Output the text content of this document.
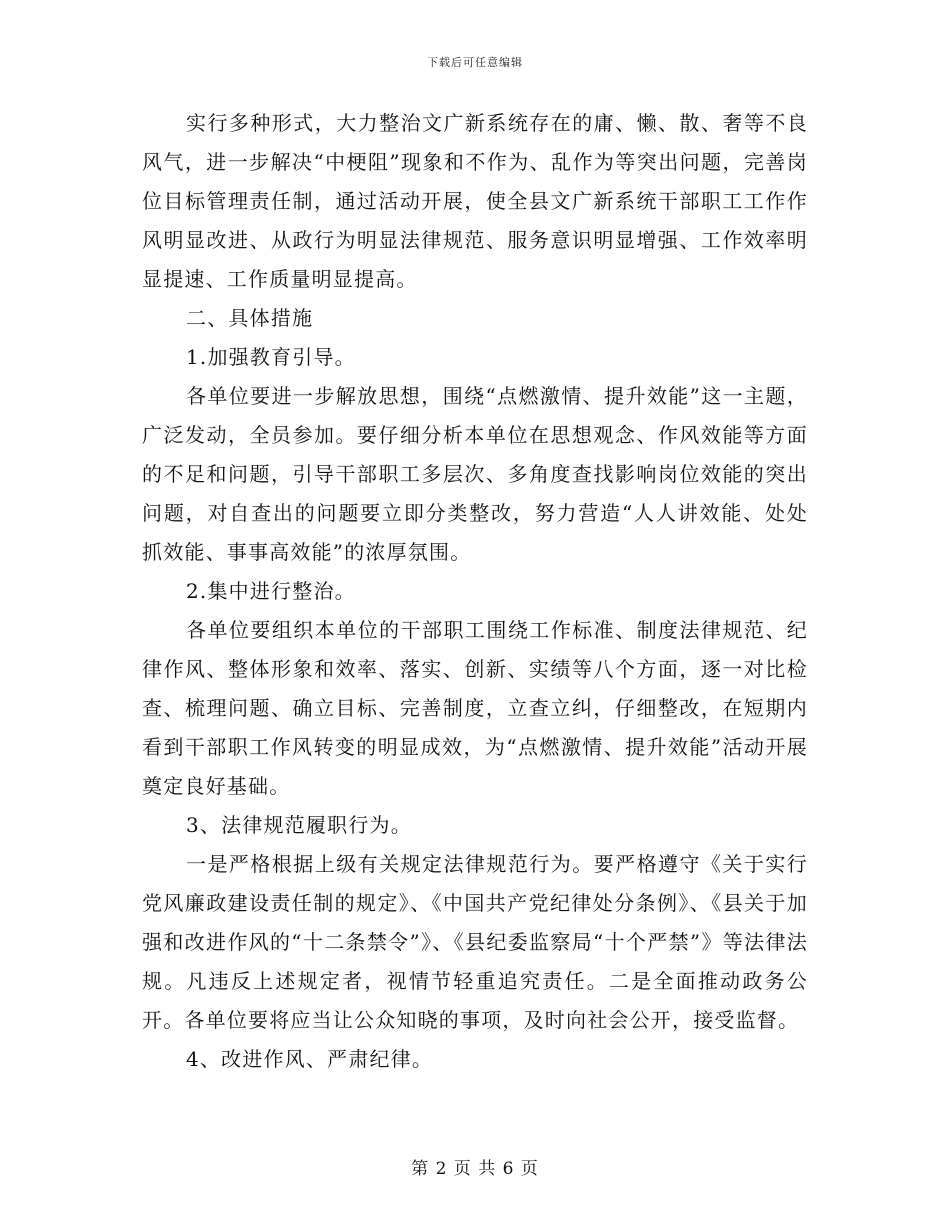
下载后可任意编辑

实行多种形式，大力整治文广新系统存在的庸、懒、散、奢等不良风气，进一步解决“中梗阻”现象和不作为、乱作为等突出问题，完善岗位目标管理责任制，通过活动开展，使全县文广新系统干部职工工作作风明显改进、从政行为明显法律规范、服务意识明显增强、工作效率明显提速、工作质量明显提高。

二、具体措施

1.加强教育引导。

各单位要进一步解放思想，围绕“点燃激情、提升效能”这一主题，广泛发动，全员参加。要仔细分析本单位在思想观念、作风效能等方面的不足和问题，引导干部职工多层次、多角度查找影响岗位效能的突出问题，对自查出的问题要立即分类整改，努力营造“人人讲效能、处处抓效能、事事高效能”的浓厚氛围。

2.集中进行整治。

各单位要组织本单位的干部职工围绕工作标准、制度法律规范、纪律作风、整体形象和效率、落实、创新、实绩等八个方面，逐一对比检查、梳理问题、确立目标、完善制度，立查立纠，仔细整改，在短期内看到干部职工作风转变的明显成效，为“点燃激情、提升效能”活动开展奠定良好基础。

3、法律规范履职行为。

一是严格根据上级有关规定法律规范行为。要严格遵守《关于实行党风廉政建设责任制的规定》、《中国共产党纪律处分条例》、《县关于加强和改进作风的“十二条禁令”》、《县纪委监察局“十个严禁”》等法律法规。凡违反上述规定者，视情节轻重追究责任。二是全面推动政务公开。各单位要将应当让公众知晓的事项，及时向社会公开，接受监督。

4、改进作风、严肃纪律。

第 2 页 共 6 页
